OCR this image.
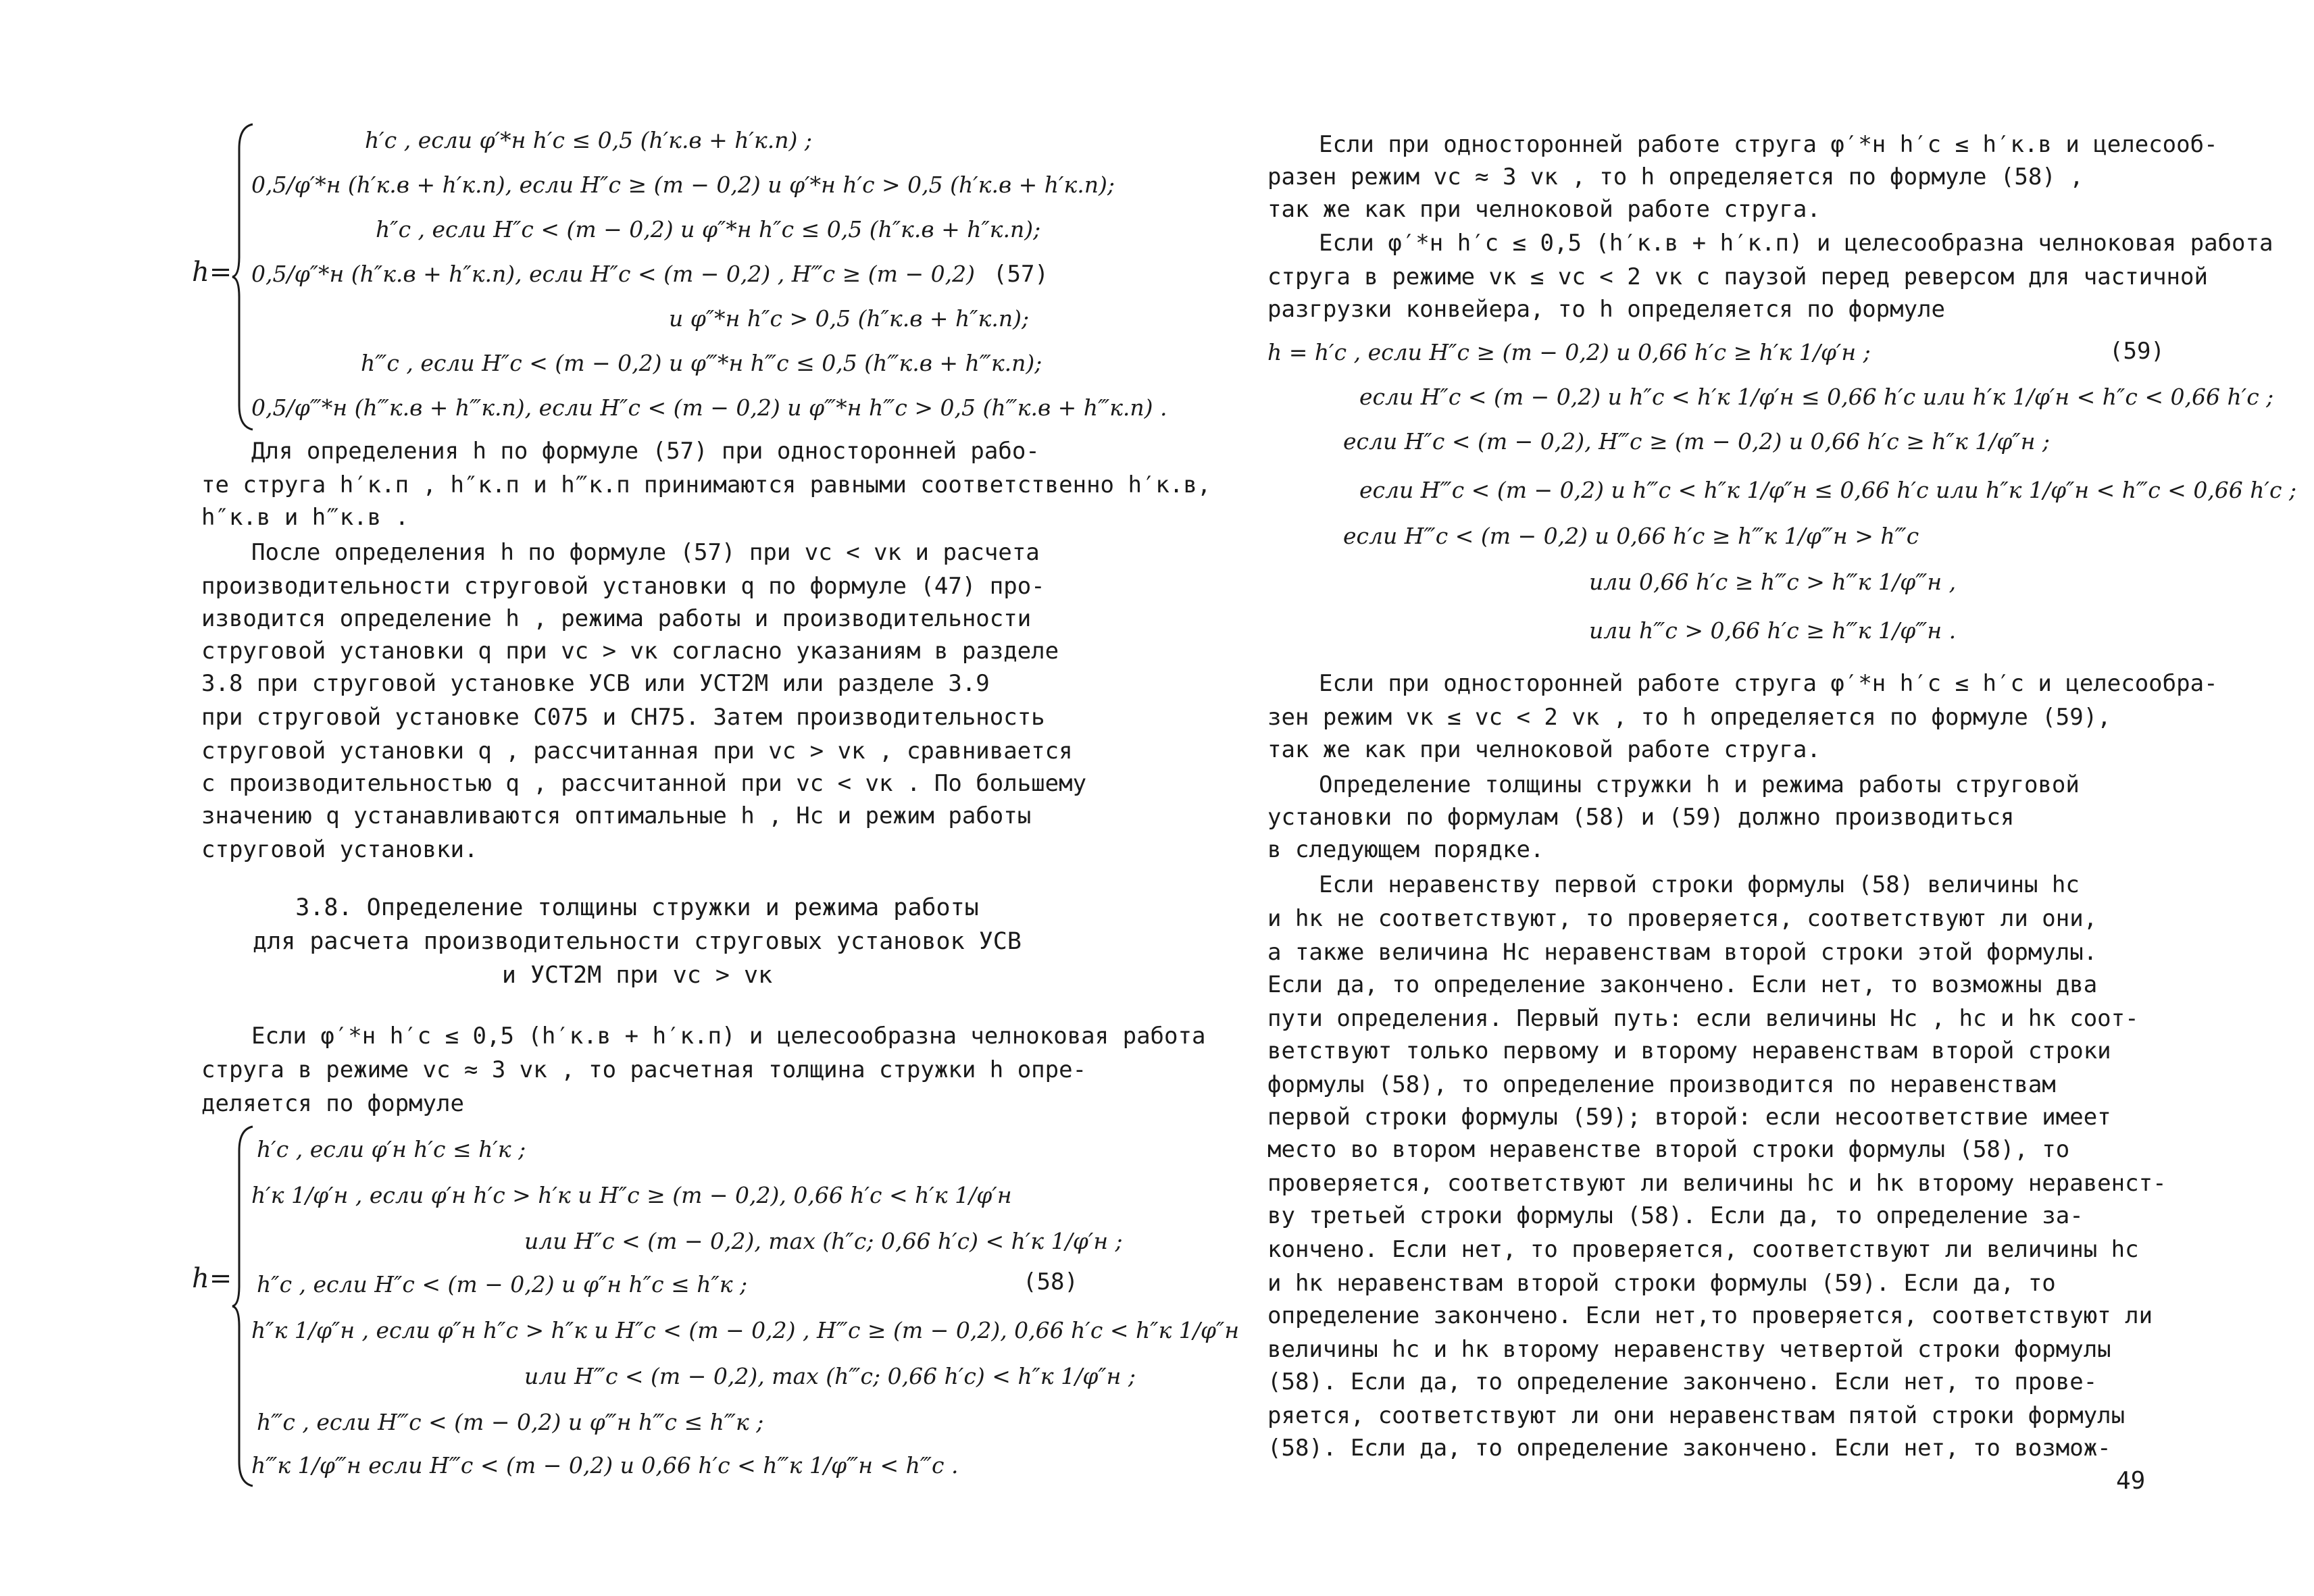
h=
h′с , если φ′*н h′с ≤ 0,5 (h′к.в + h′к.п) ;
0,5/φ′*н (h′к.в + h′к.п), если H″с ≥ (m − 0,2) и φ′*н h′с > 0,5 (h′к.в + h′к.п);
h″с , если H″с < (m − 0,2) и φ″*н h″с ≤ 0,5 (h″к.в + h″к.п);
0,5/φ″*н (h″к.в + h″к.п), если H″с < (m − 0,2) , H‴с ≥ (m − 0,2) (57)
и φ″*н h″с > 0,5 (h″к.в + h″к.п);
h‴с , если H″с < (m − 0,2) и φ‴*н h‴с ≤ 0,5 (h‴к.в + h‴к.п);
0,5/φ‴*н (h‴к.в + h‴к.п), если H″с < (m − 0,2) и φ‴*н h‴с > 0,5 (h‴к.в + h‴к.п) .
Для определения h по формуле (57) при односторонней рабо-
те струга h′к.п , h″к.п и h‴к.п принимаются равными соответственно h′к.в,
h″к.в и h‴к.в .
После определения h по формуле (57) при vс < vк и расчета
производительности струговой установки q по формуле (47) про-
изводится определение h , режима работы и производительности
струговой установки q при vс > vк согласно указаниям в разделе
3.8 при струговой установке УСВ или УСТ2М или разделе 3.9
при струговой установке С075 и СН75. Затем производительность
струговой установки q , рассчитанная при vс > vк , сравнивается
с производительностью q , рассчитанной при vс < vк . По большему
значению q устанавливаются оптимальные h , Hс и режим работы
струговой установки.
3.8. Определение толщины стружки и режима работы
для расчета производительности струговых установок УСВ
и УСТ2М при vс > vк
Если φ′*н h′с ≤ 0,5 (h′к.в + h′к.п) и целесообразна челноковая работа
струга в режиме vс ≈ 3 vк , то расчетная толщина стружки h опре-
деляется по формуле
h=
h′с , если φ′н h′с ≤ h′к ;
h′к 1/φ′н , если φ′н h′с > h′к и H″с ≥ (m − 0,2), 0,66 h′с < h′к 1/φ′н
или H″с < (m − 0,2), max (h″с; 0,66 h′с) < h′к 1/φ′н ;
h″с , если H″с < (m − 0,2) и φ″н h″с ≤ h″к ;	(58)
h″к 1/φ″н , если φ″н h″с > h″к и H″с < (m − 0,2) , H‴с ≥ (m − 0,2), 0,66 h′с < h″к 1/φ″н
или H‴с < (m − 0,2), max (h‴с; 0,66 h′с) < h″к 1/φ″н ;
h‴с , если H‴с < (m − 0,2) и φ‴н h‴с ≤ h‴к ;
h‴к 1/φ‴н если H‴с < (m − 0,2) и 0,66 h′с < h‴к 1/φ‴н < h‴с .
Если при односторонней работе струга φ′*н h′с ≤ h′к.в и целесооб-
разен режим vс ≈ 3 vк , то h определяется по формуле (58) ,
так же как при челноковой работе струга.
Если φ′*н h′с ≤ 0,5 (h′к.в + h′к.п) и целесообразна челноковая работа
струга в режиме vк ≤ vс < 2 vк с паузой перед реверсом для частичной
разгрузки конвейера, то h определяется по формуле
h = h′с , если H″с ≥ (m − 0,2) и 0,66 h′с ≥ h′к 1/φ′н ;	(59)
если H″с < (m − 0,2) и h″с < h′к 1/φ′н ≤ 0,66 h′с или h′к 1/φ′н < h″с < 0,66 h′с ;
если H″с < (m − 0,2), H‴с ≥ (m − 0,2) и 0,66 h′с ≥ h″к 1/φ″н ;
если H‴с < (m − 0,2) и h‴с < h″к 1/φ″н ≤ 0,66 h′с или h″к 1/φ″н < h‴с < 0,66 h′с ;
если H‴с < (m − 0,2) и 0,66 h′с ≥ h‴к 1/φ‴н > h‴с
или 0,66 h′с ≥ h‴с > h‴к 1/φ‴н ,
или h‴с > 0,66 h′с ≥ h‴к 1/φ‴н .
Если при односторонней работе струга φ′*н h′с ≤ h′с и целесообра-
зен режим vк ≤ vс < 2 vк , то h определяется по формуле (59),
так же как при челноковой работе струга.
Определение толщины стружки h и режима работы струговой
установки по формулам (58) и (59) должно производиться
в следующем порядке.
Если неравенству первой строки формулы (58) величины hс
и hк не соответствуют, то проверяется, соответствуют ли они,
а также величина Hс неравенствам второй строки этой формулы.
Если да, то определение закончено. Если нет, то возможны два
пути определения. Первый путь: если величины Hс , hс и hк соот-
ветствуют только первому и второму неравенствам второй строки
формулы (58), то определение производится по неравенствам
первой строки формулы (59); второй: если несоответствие имеет
место во втором неравенстве второй строки формулы (58), то
проверяется, соответствуют ли величины hс и hк второму неравенст-
ву третьей строки формулы (58). Если да, то определение за-
кончено. Если нет, то проверяется, соответствуют ли величины hс
и hк неравенствам второй строки формулы (59). Если да, то
определение закончено. Если нет,то проверяется, соответствуют ли
величины hс и hк второму неравенству четвертой строки формулы
(58). Если да, то определение закончено. Если нет, то прове-
ряется, соответствуют ли они неравенствам пятой строки формулы
(58). Если да, то определение закончено. Если нет, то возмож-
49
